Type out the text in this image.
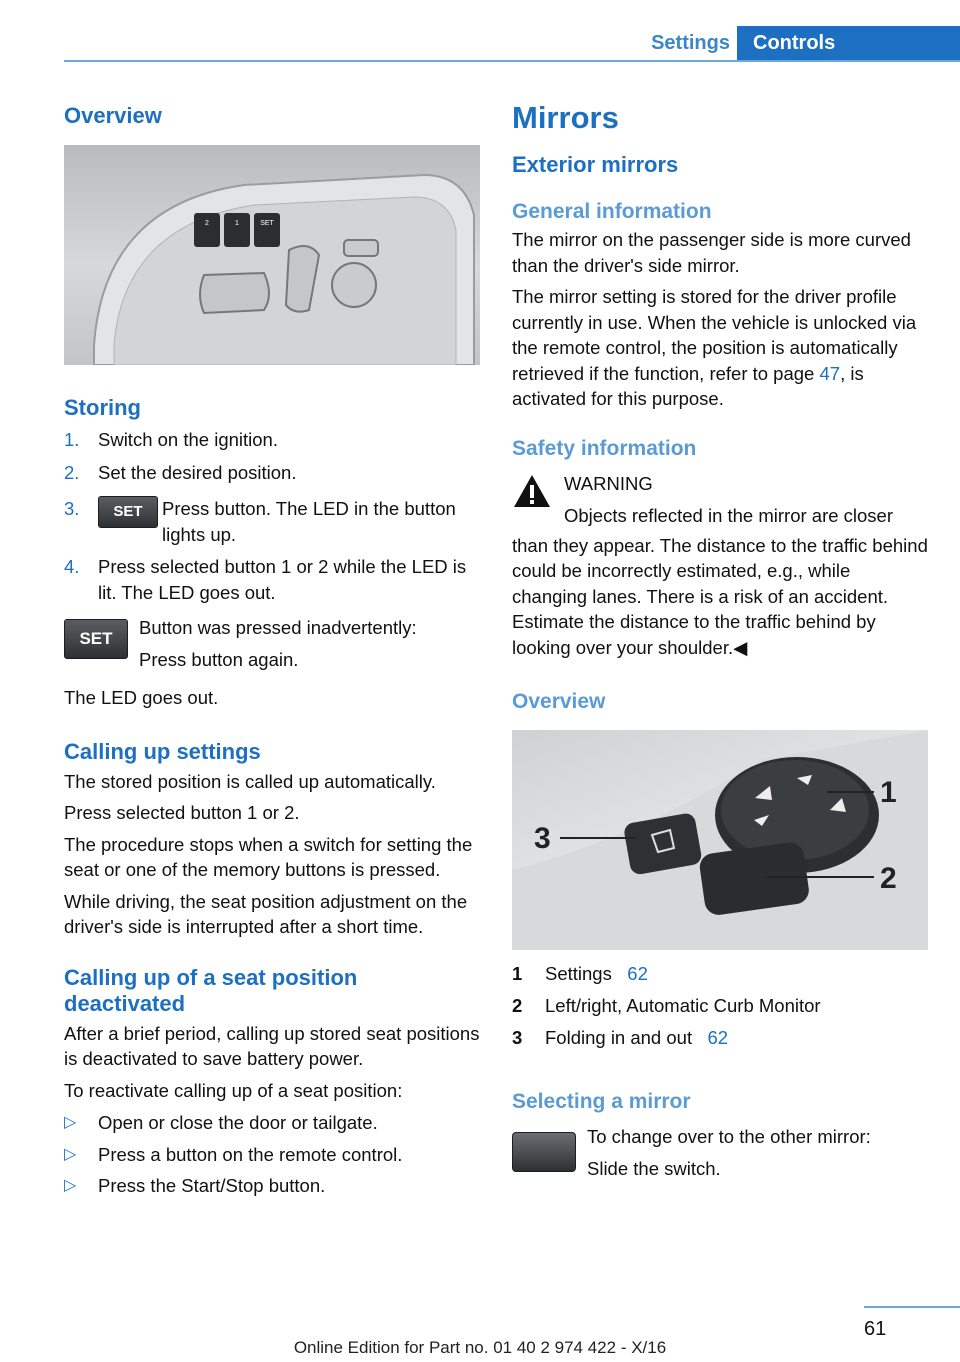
Settings	Controls
Overview
2	1	SET
Storing
1. Switch on the ignition.
2. Set the desired position.
3.	SET	Press button. The LED in the button lights up.
4. Press selected button 1 or 2 while the LED is lit. The LED goes out.
SET

Button was pressed inadvertently:

Press button again.

The LED goes out.

Calling up settings

The stored position is called up automatically.

Press selected button 1 or 2.

The procedure stops when a switch for setting the seat or one of the memory buttons is pressed.

While driving, the seat position adjustment on the driver's side is interrupted after a short time.

Calling up of a seat position deactivated

After a brief period, calling up stored seat positions is deactivated to save battery power.

To reactivate calling up of a seat position:

▷ Open or close the door or tailgate.
▷ Press a button on the remote control.
▷ Press the Start/Stop button.
Mirrors
Exterior mirrors
General information

The mirror on the passenger side is more curved than the driver's side mirror.

The mirror setting is stored for the driver profile currently in use. When the vehicle is unlocked via the remote control, the position is automatically retrieved if the function, refer to page 47, is activated for this purpose.

Safety information

WARNING

Objects reflected in the mirror are closer

than they appear. The distance to the traffic behind could be incorrectly estimated, e.g., while changing lanes. There is a risk of an accident. Estimate the distance to the traffic behind by looking over your shoulder.◀

Overview
1
2
3
1	Settings 62
2	Left/right, Automatic Curb Monitor
3	Folding in and out 62
Selecting a mirror

To change over to the other mirror:

Slide the switch.

61
Online Edition for Part no. 01 40 2 974 422 - X/16
